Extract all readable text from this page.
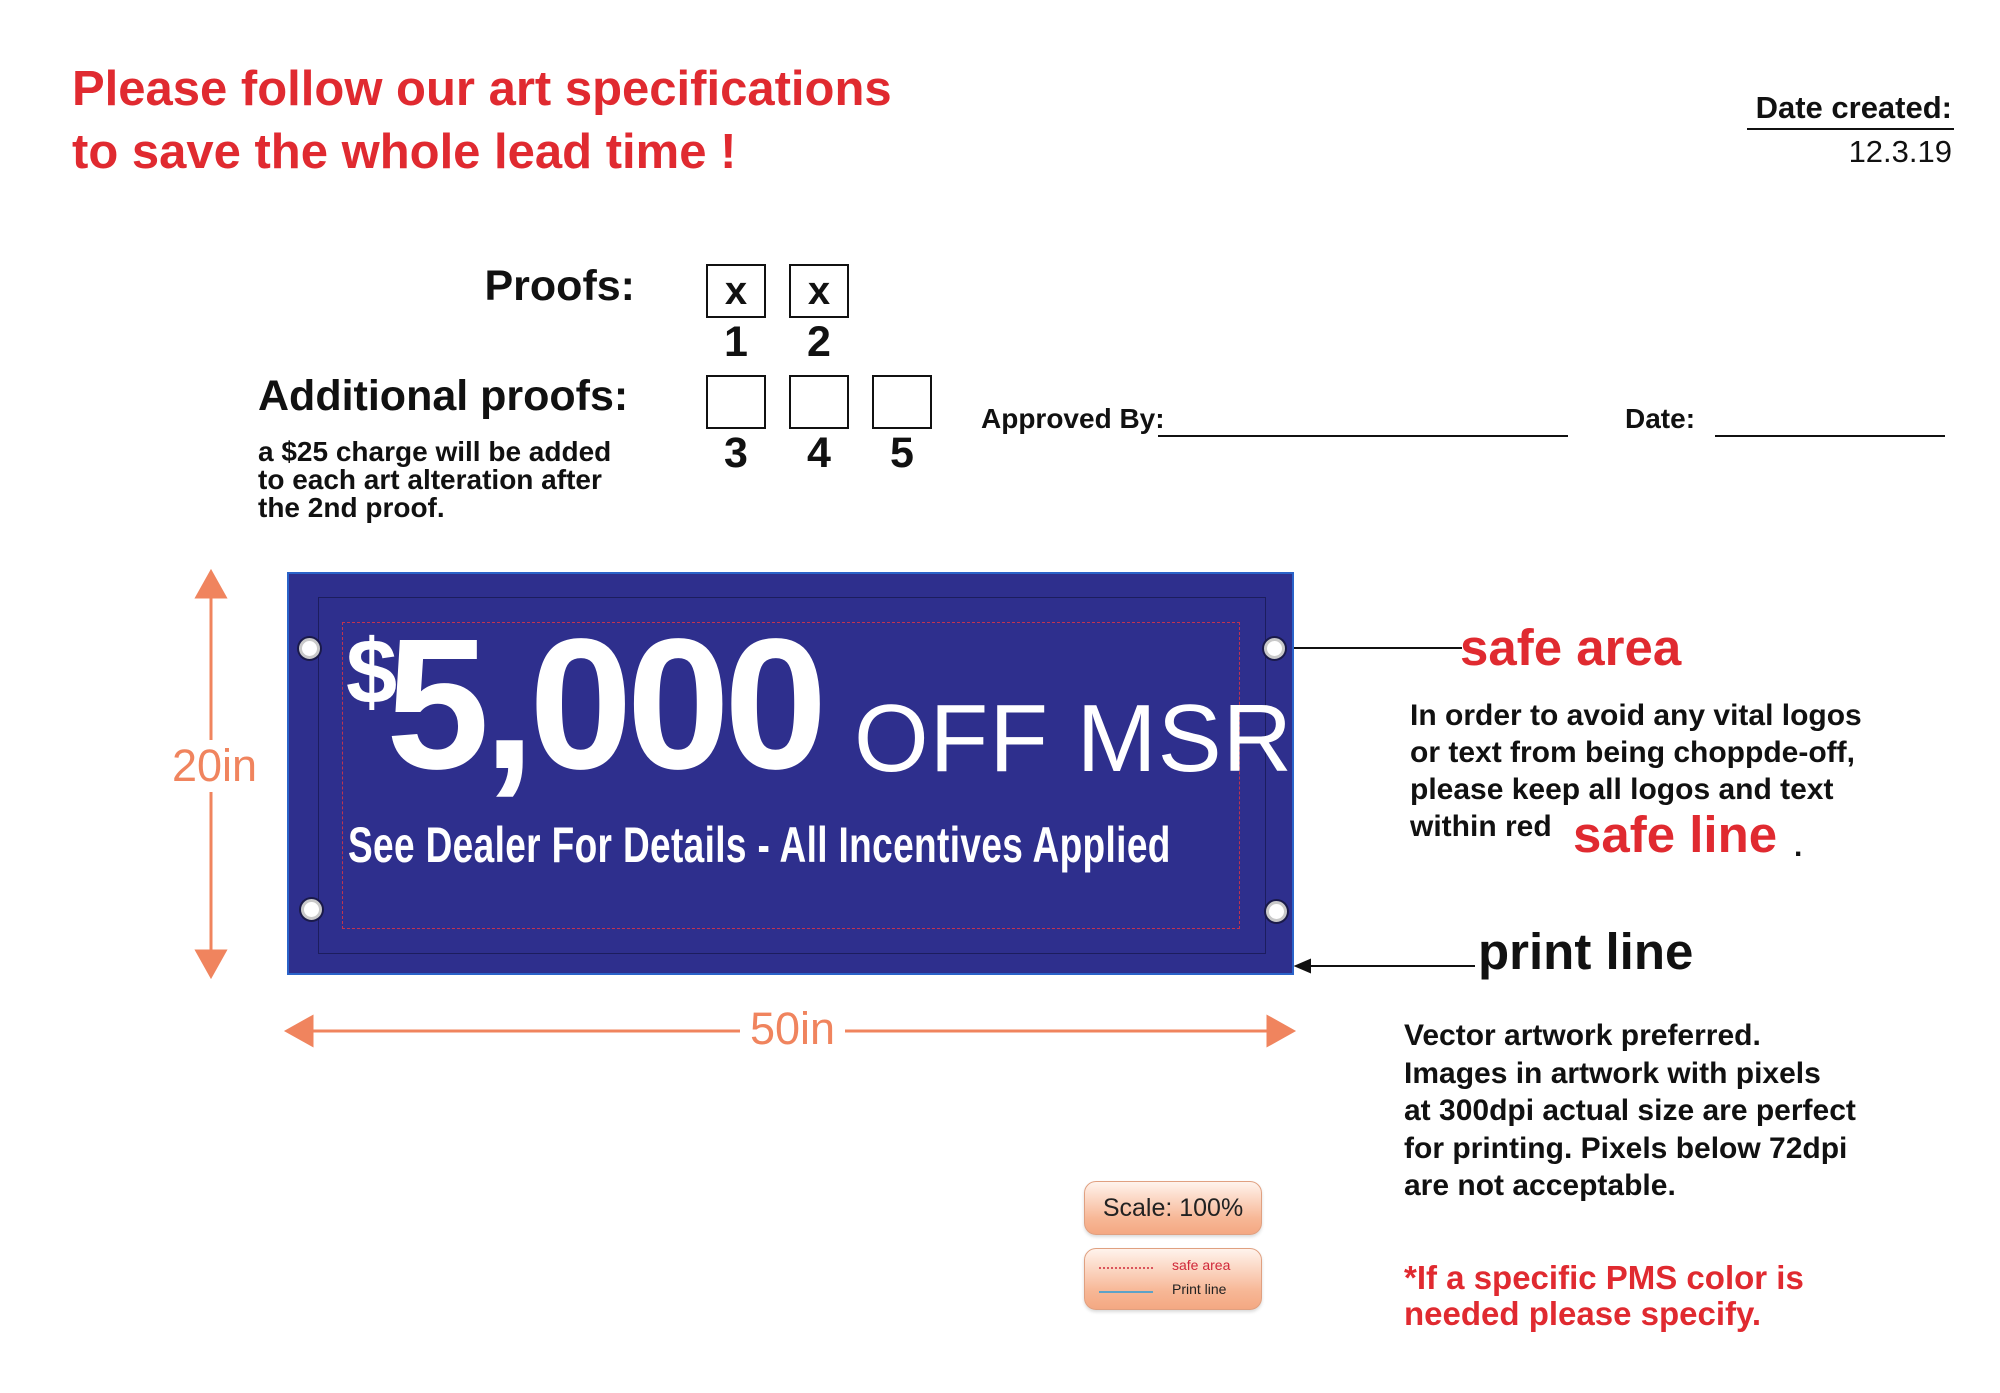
Please follow our art specifications
to save the whole lead time !
Date created:
12.3.19
Proofs:	x	x
1	2
Additional proofs:
a $25 charge will be added
to each art alteration after
the 2nd proof.
3	4	5
Approved By:	Date:
20in
50in
$
5,000 OFF MSRP
See Dealer For Details - All Incentives Applied
safe area
In order to avoid any vital logos
or text from being choppde-off,
please keep all logos and text
within red safe line .
print line
Vector artwork preferred.
Images in artwork with pixels
at 300dpi actual size are perfect
for printing. Pixels below 72dpi
are not acceptable.
*If a specific PMS color is
needed please specify.
Scale: 100%
safe area
Print line
